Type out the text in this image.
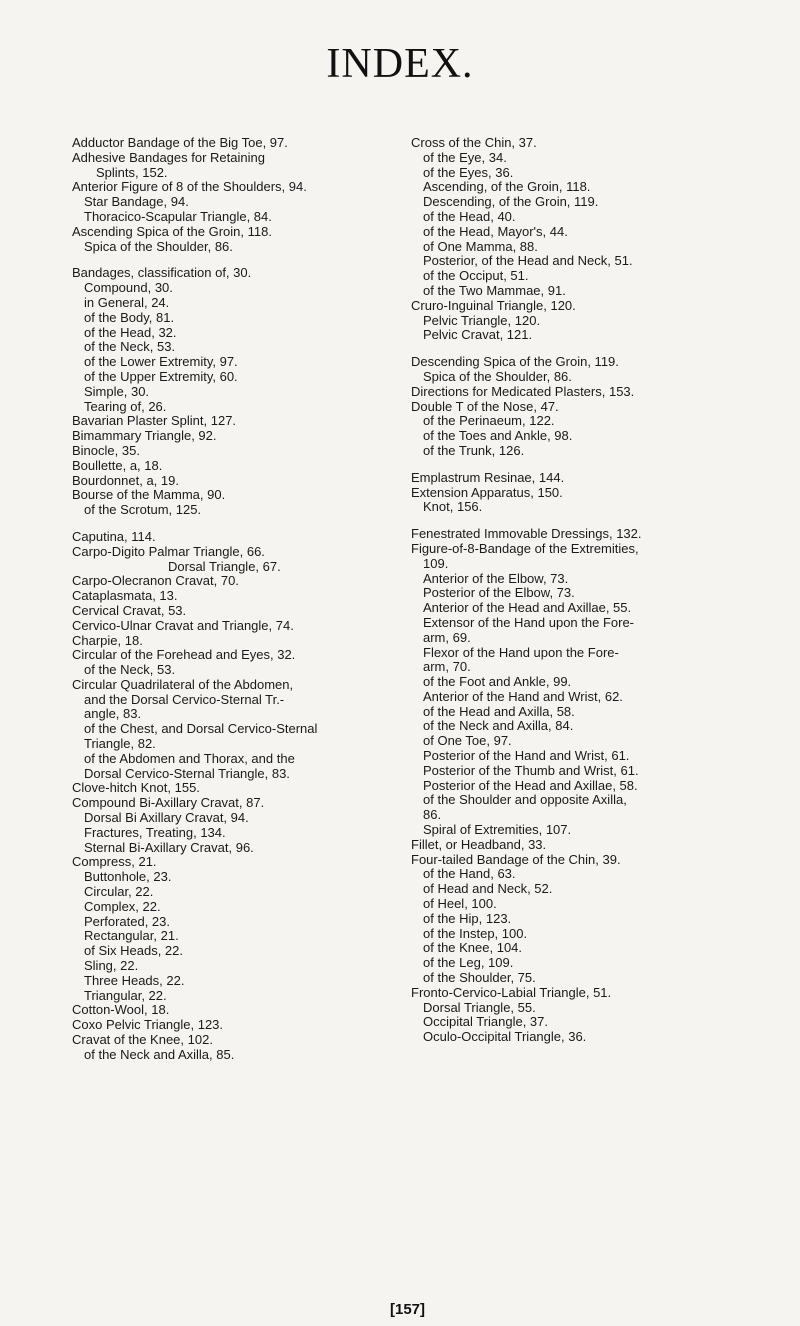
INDEX.
Adductor Bandage of the Big Toe, 97.
Adhesive Bandages for Retaining
Splints, 152.
Anterior Figure of 8 of the Shoulders, 94.
Star Bandage, 94.
Thoracico-Scapular Triangle, 84.
Ascending Spica of the Groin, 118.
Spica of the Shoulder, 86.
Bandages, classification of, 30.
Compound, 30.
in General, 24.
of the Body, 81.
of the Head, 32.
of the Neck, 53.
of the Lower Extremity, 97.
of the Upper Extremity, 60.
Simple, 30.
Tearing of, 26.
Bavarian Plaster Splint, 127.
Bimammary Triangle, 92.
Binocle, 35.
Boullette, a, 18.
Bourdonnet, a, 19.
Bourse of the Mamma, 90.
of the Scrotum, 125.
Caputina, 114.
Carpo-Digito Palmar Triangle, 66.
Dorsal Triangle, 67.
Carpo-Olecranon Cravat, 70.
Cataplasmata, 13.
Cervical Cravat, 53.
Cervico-Ulnar Cravat and Triangle, 74.
Charpie, 18.
Circular of the Forehead and Eyes, 32.
of the Neck, 53.
Circular Quadrilateral of the Abdomen,
and the Dorsal Cervico-Sternal Tr.-
angle, 83.
of the Chest, and Dorsal Cervico-Sternal
Triangle, 82.
of the Abdomen and Thorax, and the
Dorsal Cervico-Sternal Triangle, 83.
Clove-hitch Knot, 155.
Compound Bi-Axillary Cravat, 87.
Dorsal Bi Axillary Cravat, 94.
Fractures, Treating, 134.
Sternal Bi-Axillary Cravat, 96.
Compress, 21.
Buttonhole, 23.
Circular, 22.
Complex, 22.
Perforated, 23.
Rectangular, 21.
of Six Heads, 22.
Sling, 22.
Three Heads, 22.
Triangular, 22.
Cotton-Wool, 18.
Coxo Pelvic Triangle, 123.
Cravat of the Knee, 102.
of the Neck and Axilla, 85.
Cross of the Chin, 37.
of the Eye, 34.
of the Eyes, 36.
Ascending, of the Groin, 118.
Descending, of the Groin, 119.
of the Head, 40.
of the Head, Mayor's, 44.
of One Mamma, 88.
Posterior, of the Head and Neck, 51.
of the Occiput, 51.
of the Two Mammae, 91.
Cruro-Inguinal Triangle, 120.
Pelvic Triangle, 120.
Pelvic Cravat, 121.
Descending Spica of the Groin, 119.
Spica of the Shoulder, 86.
Directions for Medicated Plasters, 153.
Double T of the Nose, 47.
of the Perinaeum, 122.
of the Toes and Ankle, 98.
of the Trunk, 126.
Emplastrum Resinae, 144.
Extension Apparatus, 150.
Knot, 156.
Fenestrated Immovable Dressings, 132.
Figure-of-8-Bandage of the Extremities,
109.
Anterior of the Elbow, 73.
Posterior of the Elbow, 73.
Anterior of the Head and Axillae, 55.
Extensor of the Hand upon the Fore-
arm, 69.
Flexor of the Hand upon the Fore-
arm, 70.
of the Foot and Ankle, 99.
Anterior of the Hand and Wrist, 62.
of the Head and Axilla, 58.
of the Neck and Axilla, 84.
of One Toe, 97.
Posterior of the Hand and Wrist, 61.
Posterior of the Thumb and Wrist, 61.
Posterior of the Head and Axillae, 58.
of the Shoulder and opposite Axilla,
86.
Spiral of Extremities, 107.
Fillet, or Headband, 33.
Four-tailed Bandage of the Chin, 39.
of the Hand, 63.
of Head and Neck, 52.
of Heel, 100.
of the Hip, 123.
of the Instep, 100.
of the Knee, 104.
of the Leg, 109.
of the Shoulder, 75.
Fronto-Cervico-Labial Triangle, 51.
Dorsal Triangle, 55.
Occipital Triangle, 37.
Oculo-Occipital Triangle, 36.
[157]
